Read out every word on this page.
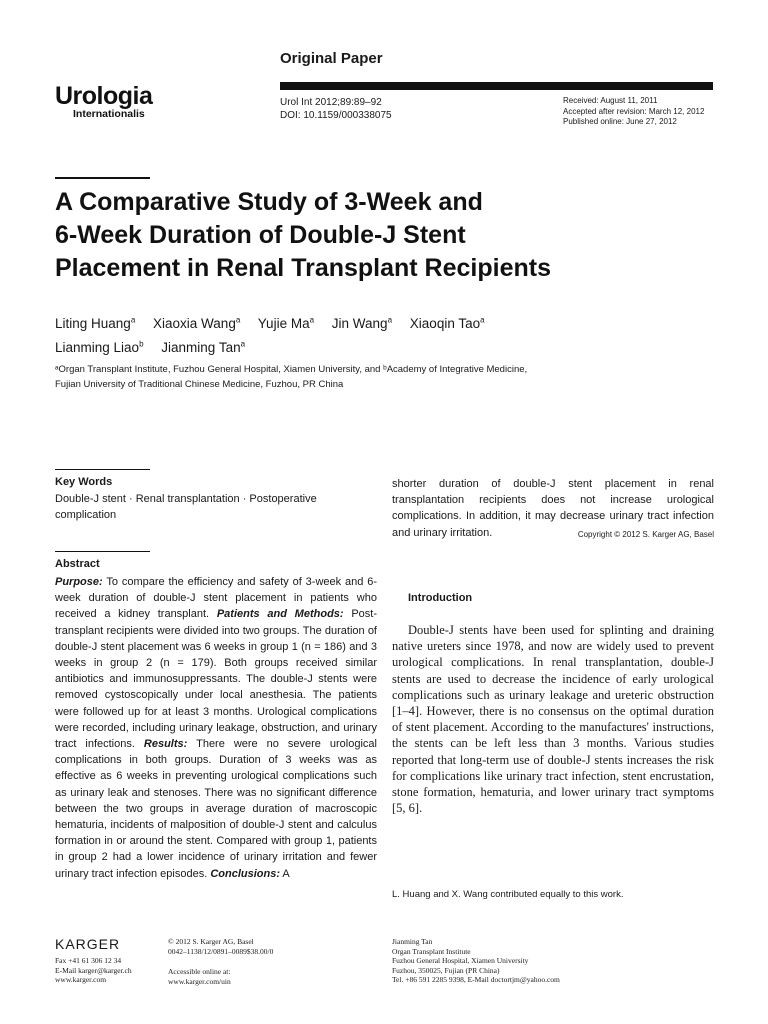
Urologia
Internationalis
Original Paper
Urol Int 2012;89:89–92
DOI: 10.1159/000338075
Received: August 11, 2011
Accepted after revision: March 12, 2012
Published online: June 27, 2012
A Comparative Study of 3-Week and
6-Week Duration of Double-J Stent
Placement in Renal Transplant Recipients
Liting Huang$^a$ Xiaoxia Wang$^a$ Yujie Ma$^a$ Jin Wang$^a$ Xiaoqin Tao$^a$
Lianming Liao$^b$ Jianming Tan$^a$
ᵃOrgan Transplant Institute, Fuzhou General Hospital, Xiamen University, and ᵇAcademy of Integrative Medicine,
Fujian University of Traditional Chinese Medicine, Fuzhou, PR China
Key Words
Double-J stent · Renal transplantation · Postoperative complication
Abstract
Purpose: To compare the efficiency and safety of 3-week and 6-week duration of double-J stent placement in patients who received a kidney transplant. Patients and Methods: Post-transplant recipients were divided into two groups. The duration of double-J stent placement was 6 weeks in group 1 (n = 186) and 3 weeks in group 2 (n = 179). Both groups received similar antibiotics and immunosuppressants. The double-J stents were removed cystoscopically under local anesthesia. The patients were followed up for at least 3 months. Urological complications were recorded, including urinary leakage, obstruction, and urinary tract infections. Results: There were no severe urological complications in both groups. Duration of 3 weeks was as effective as 6 weeks in preventing urological complications such as urinary leak and stenoses. There was no significant difference between the two groups in average duration of macroscopic hematuria, incidents of malposition of double-J stent and calculus formation in or around the stent. Compared with group 1, patients in group 2 had a lower incidence of urinary irritation and fewer urinary tract infection episodes. Conclusions: A
shorter duration of double-J stent placement in renal transplantation recipients does not increase urological complications. In addition, it may decrease urinary tract infection and urinary irritation.	Copyright © 2012 S. Karger AG, Basel
Introduction
Double-J stents have been used for splinting and draining native ureters since 1978, and now are widely used to prevent urological complications. In renal transplantation, double-J stents are used to decrease the incidence of early urological complications such as urinary leakage and ureteric obstruction [1–4]. However, there is no consensus on the optimal duration of stent placement. According to the manufactures' instructions, the stents can be left less than 3 months. Various studies reported that long-term use of double-J stents increases the risk for complications like urinary tract infection, stent encrustation, stone formation, hematuria, and lower urinary tract symptoms [5, 6].
L. Huang and X. Wang contributed equally to this work.
KARGER
Fax +41 61 306 12 34
E-Mail karger@karger.ch
www.karger.com
© 2012 S. Karger AG, Basel
0042–1138/12/0891–0089$38.00/0
Accessible online at:
www.karger.com/uin
Jianming Tan
Organ Transplant Institute
Fuzhou General Hospital, Xiamen University
Fuzhou, 350025, Fujian (PR China)
Tel. +86 591 2285 9398, E-Mail doctortjm@yahoo.com
